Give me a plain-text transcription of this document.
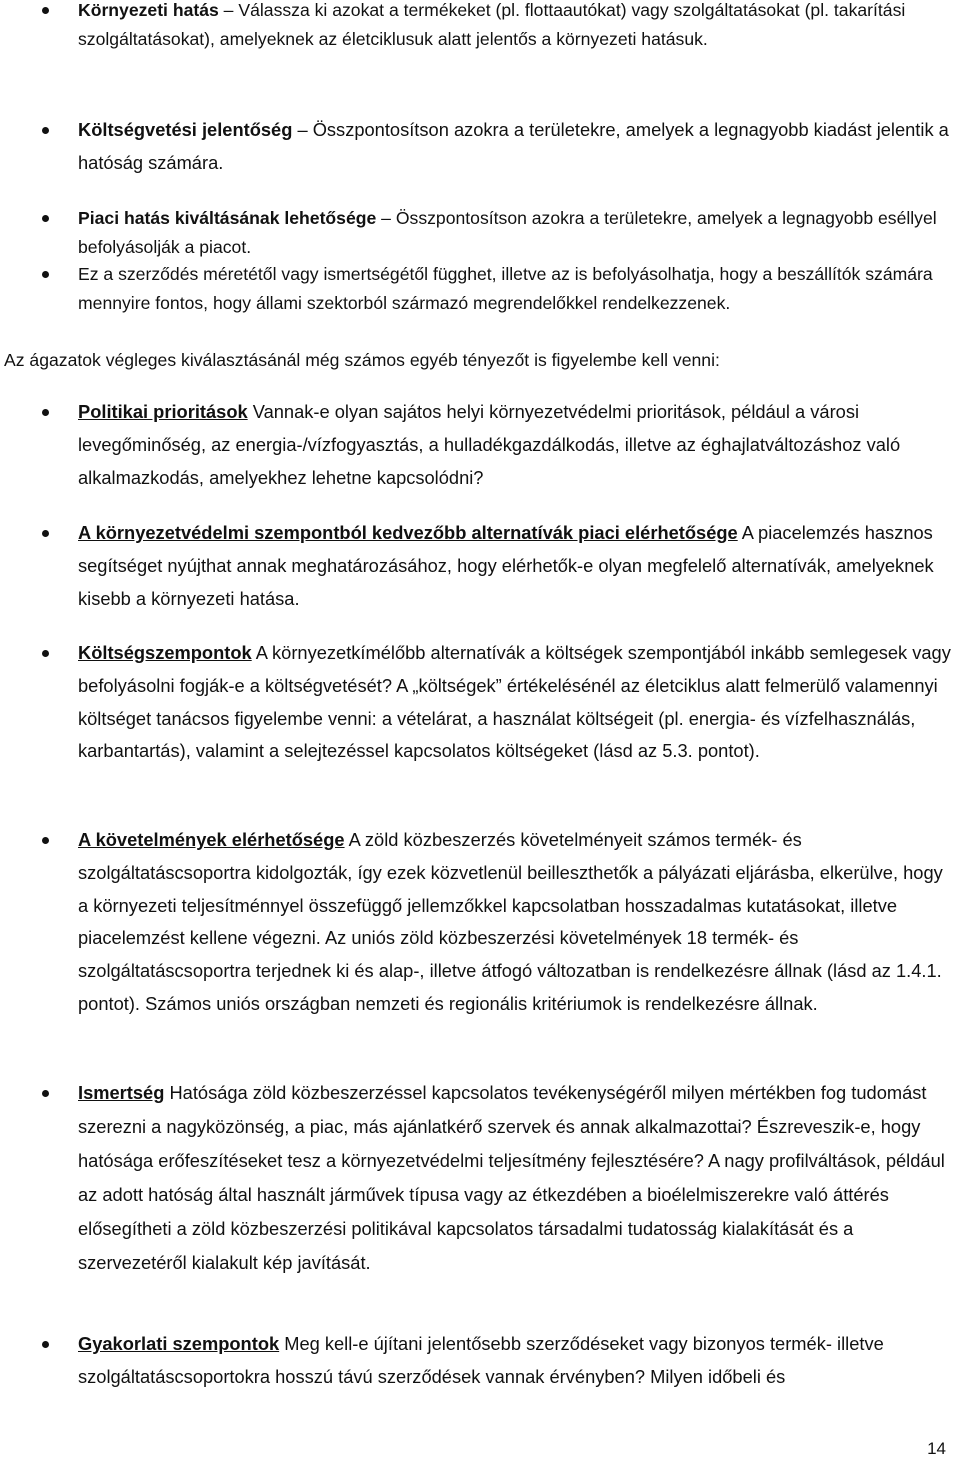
Környezeti hatás – Válassza ki azokat a termékeket (pl. flottaautókat) vagy szolgáltatásokat (pl. takarítási szolgáltatásokat), amelyeknek az életciklusuk alatt jelentős a környezeti hatásuk.

Költségvetési jelentőség – Összpontosítson azokra a területekre, amelyek a legnagyobb kiadást jelentik a hatóság számára.

Piaci hatás kiváltásának lehetősége – Összpontosítson azokra a területekre, amelyek a legnagyobb eséllyel befolyásolják a piacot.

Ez a szerződés méretétől vagy ismertségétől függhet, illetve az is befolyásolhatja, hogy a beszállítók számára mennyire fontos, hogy állami szektorból származó megrendelőkkel rendelkezzenek.

Az ágazatok végleges kiválasztásánál még számos egyéb tényezőt is figyelembe kell venni:

Politikai prioritások Vannak-e olyan sajátos helyi környezetvédelmi prioritások, például a városi levegőminőség, az energia-/vízfogyasztás, a hulladékgazdálkodás, illetve az éghajlatváltozáshoz való alkalmazkodás, amelyekhez lehetne kapcsolódni?

A környezetvédelmi szempontból kedvezőbb alternatívák piaci elérhetősége A piacelemzés hasznos segítséget nyújthat annak meghatározásához, hogy elérhetők-e olyan megfelelő alternatívák, amelyeknek kisebb a környezeti hatása.

Költségszempontok A környezetkímélőbb alternatívák a költségek szempontjából inkább semlegesek vagy befolyásolni fogják-e a költségvetését? A „költségek” értékelésénél az életciklus alatt felmerülő valamennyi költséget tanácsos figyelembe venni: a vételárat, a használat költségeit (pl. energia- és vízfelhasználás, karbantartás), valamint a selejtezéssel kapcsolatos költségeket (lásd az 5.3. pontot).

A követelmények elérhetősége A zöld közbeszerzés követelményeit számos termék- és szolgáltatáscsoportra kidolgozták, így ezek közvetlenül beilleszthetők a pályázati eljárásba, elkerülve, hogy a környezeti teljesítménnyel összefüggő jellemzőkkel kapcsolatban hosszadalmas kutatásokat, illetve piacelemzést kellene végezni. Az uniós zöld közbeszerzési követelmények 18 termék- és szolgáltatáscsoportra terjednek ki és alap-, illetve átfogó változatban is rendelkezésre állnak (lásd az 1.4.1. pontot). Számos uniós országban nemzeti és regionális kritériumok is rendelkezésre állnak.

Ismertség Hatósága zöld közbeszerzéssel kapcsolatos tevékenységéről milyen mértékben fog tudomást szerezni a nagyközönség, a piac, más ajánlatkérő szervek és annak alkalmazottai? Észreveszik-e, hogy hatósága erőfeszítéseket tesz a környezetvédelmi teljesítmény fejlesztésére? A nagy profilváltások, például az adott hatóság által használt járművek típusa vagy az étkezdében a bioélelmiszerekre való áttérés elősegítheti a zöld közbeszerzési politikával kapcsolatos társadalmi tudatosság kialakítását és a szervezetéről kialakult kép javítását.

Gyakorlati szempontok Meg kell-e újítani jelentősebb szerződéseket vagy bizonyos termék- illetve szolgáltatáscsoportokra hosszú távú szerződések vannak érvényben? Milyen időbeli és

14
